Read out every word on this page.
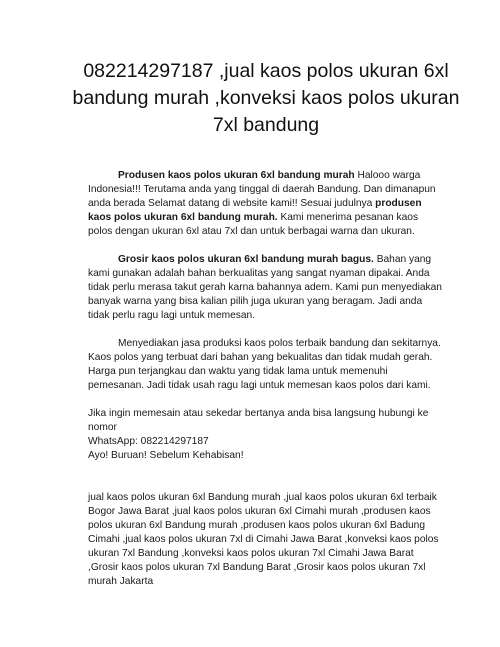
082214297187 ,jual kaos polos ukuran 6xl bandung murah ,konveksi kaos polos ukuran 7xl bandung

Produsen kaos polos ukuran 6xl bandung murah Halooo warga Indonesia!!! Terutama anda yang tinggal di daerah Bandung. Dan dimanapun anda berada Selamat datang di website kami!! Sesuai judulnya produsen kaos polos ukuran 6xl bandung murah. Kami menerima pesanan kaos polos dengan ukuran 6xl atau 7xl dan untuk berbagai warna dan ukuran.

Grosir kaos polos ukuran 6xl bandung murah bagus. Bahan yang kami gunakan adalah bahan berkualitas yang sangat nyaman dipakai. Anda tidak perlu merasa takut gerah karna bahannya adem. Kami pun menyediakan banyak warna yang bisa kalian pilih juga ukuran yang beragam. Jadi anda tidak perlu ragu lagi untuk memesan.

Menyediakan jasa produksi kaos polos terbaik bandung dan sekitarnya. Kaos polos yang terbuat dari bahan yang bekualitas dan tidak mudah gerah. Harga pun terjangkau dan waktu yang tidak lama untuk memenuhi pemesanan. Jadi tidak usah ragu lagi untuk memesan kaos polos dari kami.

Jika ingin memesain atau sekedar bertanya anda bisa langsung hubungi ke nomor
WhatsApp: 082214297187
Ayo! Buruan! Sebelum Kehabisan!

jual kaos polos ukuran 6xl Bandung murah ,jual kaos polos ukuran 6xl terbaik Bogor Jawa Barat ,jual kaos polos ukuran 6xl Cimahi murah ,produsen kaos polos ukuran 6xl Bandung murah ,produsen kaos polos ukuran 6xl Badung Cimahi ,jual kaos polos ukuran 7xl di Cimahi Jawa Barat ,konveksi kaos polos ukuran 7xl Bandung ,konveksi kaos polos ukuran 7xl Cimahi Jawa Barat ,Grosir kaos polos ukuran 7xl Bandung Barat ,Grosir kaos polos ukuran 7xl murah Jakarta
